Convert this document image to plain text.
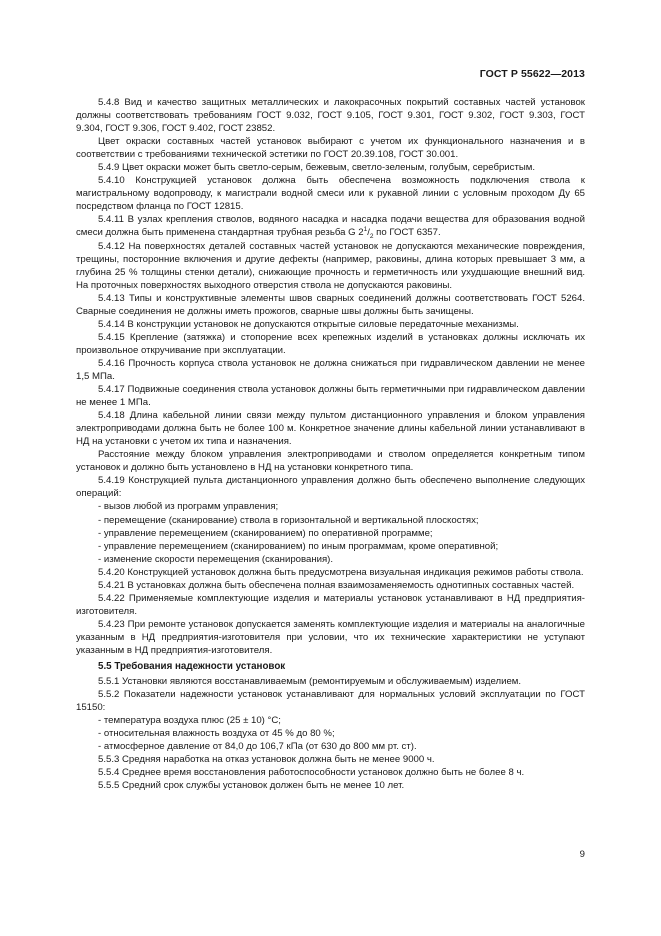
ГОСТ Р 55622—2013

5.4.8 Вид и качество защитных металлических и лакокрасочных покрытий составных частей установок должны соответствовать требованиям ГОСТ 9.032, ГОСТ 9.105, ГОСТ 9.301, ГОСТ 9.302, ГОСТ 9.303, ГОСТ 9.304, ГОСТ 9.306, ГОСТ 9.402, ГОСТ 23852.

Цвет окраски составных частей установок выбирают с учетом их функционального назначения и в соответствии с требованиями технической эстетики по ГОСТ 20.39.108, ГОСТ 30.001.

5.4.9 Цвет окраски может быть светло-серым, бежевым, светло-зеленым, голубым, серебристым.

5.4.10 Конструкцией установок должна быть обеспечена возможность подключения ствола к магистральному водопроводу, к магистрали водной смеси или к рукавной линии с условным проходом Ду 65 посредством фланца по ГОСТ 12815.

5.4.11 В узлах крепления стволов, водяного насадка и насадка подачи вещества для образования водной смеси должна быть применена стандартная трубная резьба G $2^1/_2$ по ГОСТ 6357.

5.4.12 На поверхностях деталей составных частей установок не допускаются механические повреждения, трещины, посторонние включения и другие дефекты (например, раковины, длина которых превышает 3 мм, а глубина 25 % толщины стенки детали), снижающие прочность и герметичность или ухудшающие внешний вид. На проточных поверхностях выходного отверстия ствола не допускаются раковины.

5.4.13 Типы и конструктивные элементы швов сварных соединений должны соответствовать ГОСТ 5264. Сварные соединения не должны иметь прожогов, сварные швы должны быть зачищены.

5.4.14 В конструкции установок не допускаются открытые силовые передаточные механизмы.

5.4.15 Крепление (затяжка) и стопорение всех крепежных изделий в установках должны исключать их произвольное откручивание при эксплуатации.

5.4.16 Прочность корпуса ствола установок не должна снижаться при гидравлическом давлении не менее 1,5 МПа.

5.4.17 Подвижные соединения ствола установок должны быть герметичными при гидравлическом давлении не менее 1 МПа.

5.4.18 Длина кабельной линии связи между пультом дистанционного управления и блоком управления электроприводами должна быть не более 100 м. Конкретное значение длины кабельной линии устанавливают в НД на установки с учетом их типа и назначения.

Расстояние между блоком управления электроприводами и стволом определяется конкретным типом установок и должно быть установлено в НД на установки конкретного типа.

5.4.19 Конструкцией пульта дистанционного управления должно быть обеспечено выполнение следующих операций:

- вызов любой из программ управления;

- перемещение (сканирование) ствола в горизонтальной и вертикальной плоскостях;

- управление перемещением (сканированием) по оперативной программе;

- управление перемещением (сканированием) по иным программам, кроме оперативной;

- изменение скорости перемещения (сканирования).

5.4.20 Конструкцией установок должна быть предусмотрена визуальная индикация режимов работы ствола.

5.4.21 В установках должна быть обеспечена полная взаимозаменяемость однотипных составных частей.

5.4.22 Применяемые комплектующие изделия и материалы установок устанавливают в НД предприятия-изготовителя.

5.4.23 При ремонте установок допускается заменять комплектующие изделия и материалы на аналогичные указанным в НД предприятия-изготовителя при условии, что их технические характеристики не уступают указанным в НД предприятия-изготовителя.

5.5 Требования надежности установок

5.5.1 Установки являются восстанавливаемым (ремонтируемым и обслуживаемым) изделием.

5.5.2 Показатели надежности установок устанавливают для нормальных условий эксплуатации по ГОСТ 15150:

- температура воздуха плюс (25 ± 10) °С;

- относительная влажность воздуха от 45 % до 80 %;

- атмосферное давление от 84,0 до 106,7 кПа (от 630 до 800 мм рт. ст).

5.5.3 Средняя наработка на отказ установок должна быть не менее 9000 ч.

5.5.4 Среднее время восстановления работоспособности установок должно быть не более 8 ч.

5.5.5 Средний срок службы установок должен быть не менее 10 лет.

9
